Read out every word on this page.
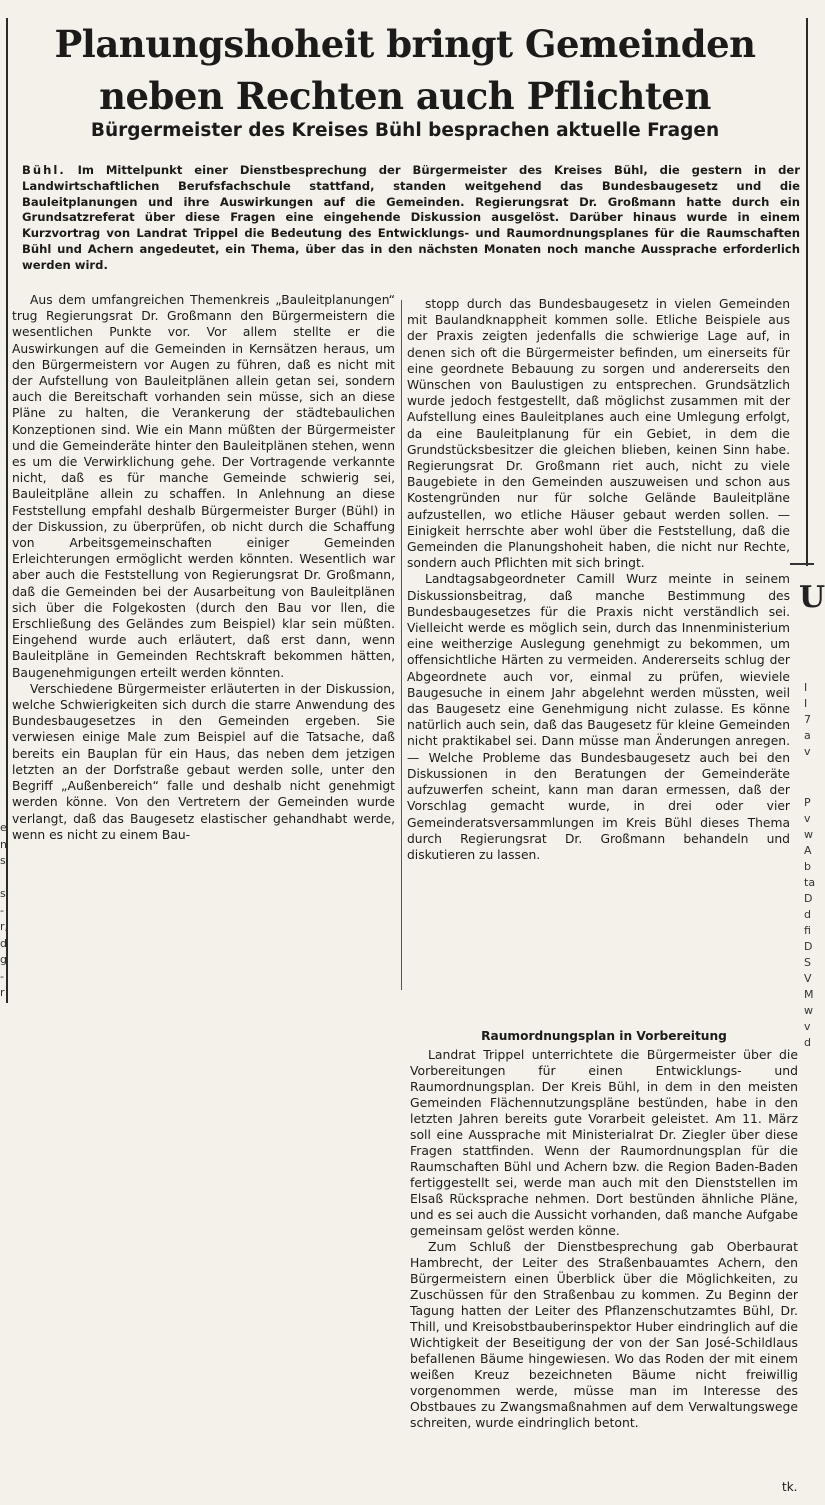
Planungshoheit bringt Gemeinden
neben Rechten auch Pflichten
Bürgermeister des Kreises Bühl besprachen aktuelle Fragen

Bühl. Im Mittelpunkt einer Dienstbesprechung der Bürgermeister des Kreises Bühl, die gestern in der Landwirtschaftlichen Berufsfachschule stattfand, standen weitgehend das Bundesbaugesetz und die Bauleitplanungen und ihre Auswirkungen auf die Gemeinden. Regierungsrat Dr. Großmann hatte durch ein Grundsatzreferat über diese Fragen eine eingehende Diskussion ausgelöst. Darüber hinaus wurde in einem Kurzvortrag von Landrat Trippel die Bedeutung des Entwicklungs- und Raumordnungsplanes für die Raumschaften Bühl und Achern angedeutet, ein Thema, über das in den nächsten Monaten noch manche Aussprache erforderlich werden wird.

Aus dem umfangreichen Themenkreis „Bauleitplanungen“ trug Regierungsrat Dr. Großmann den Bürgermeistern die wesentlichen Punkte vor. Vor allem stellte er die Auswirkungen auf die Gemeinden in Kernsätzen heraus, um den Bürgermeistern vor Augen zu führen, daß es nicht mit der Aufstellung von Bauleitplänen allein getan sei, sondern auch die Bereitschaft vorhanden sein müsse, sich an diese Pläne zu halten, die Verankerung der städtebaulichen Konzeptionen sind. Wie ein Mann müßten der Bürgermeister und die Gemeinderäte hinter den Bauleitplänen stehen, wenn es um die Verwirklichung gehe. Der Vortragende verkannte nicht, daß es für manche Gemeinde schwierig sei, Bauleitpläne allein zu schaffen. In Anlehnung an diese Feststellung empfahl deshalb Bürgermeister Burger (Bühl) in der Diskussion, zu überprüfen, ob nicht durch die Schaffung von Arbeitsgemeinschaften einiger Gemeinden Erleichterungen ermöglicht werden könnten. Wesentlich war aber auch die Feststellung von Regierungsrat Dr. Großmann, daß die Gemeinden bei der Ausarbeitung von Bauleitplänen sich über die Folgekosten (durch den Bau vor llen, die Erschließung des Geländes zum Beispiel) klar sein müßten. Eingehend wurde auch erläutert, daß erst dann, wenn Bauleitpläne in Gemeinden Rechtskraft bekommen hätten, Baugenehmigungen erteilt werden könnten.

Verschiedene Bürgermeister erläuterten in der Diskussion, welche Schwierigkeiten sich durch die starre Anwendung des Bundesbaugesetzes in den Gemeinden ergeben. Sie verwiesen einige Male zum Beispiel auf die Tatsache, daß bereits ein Bauplan für ein Haus, das neben dem jetzigen letzten an der Dorfstraße gebaut werden solle, unter den Begriff „Außenbereich“ falle und deshalb nicht genehmigt werden könne. Von den Vertretern der Gemeinden wurde verlangt, daß das Baugesetz elastischer gehandhabt werde, wenn es nicht zu einem Bau-

stopp durch das Bundesbaugesetz in vielen Gemeinden mit Baulandknappheit kommen solle. Etliche Beispiele aus der Praxis zeigten jedenfalls die schwierige Lage auf, in denen sich oft die Bürgermeister befinden, um einerseits für eine geordnete Bebauung zu sorgen und andererseits den Wünschen von Baulustigen zu entsprechen. Grundsätzlich wurde jedoch festgestellt, daß möglichst zusammen mit der Aufstellung eines Bauleitplanes auch eine Umlegung erfolgt, da eine Bauleitplanung für ein Gebiet, in dem die Grundstücksbesitzer die gleichen blieben, keinen Sinn habe. Regierungsrat Dr. Großmann riet auch, nicht zu viele Baugebiete in den Gemeinden auszuweisen und schon aus Kostengründen nur für solche Gelände Bauleitpläne aufzustellen, wo etliche Häuser gebaut werden sollen. — Einigkeit herrschte aber wohl über die Feststellung, daß die Gemeinden die Planungshoheit haben, die nicht nur Rechte, sondern auch Pflichten mit sich bringt.

Landtagsabgeordneter Camill Wurz meinte in seinem Diskussionsbeitrag, daß manche Bestimmung des Bundesbaugesetzes für die Praxis nicht verständlich sei. Vielleicht werde es möglich sein, durch das Innenministerium eine weitherzige Auslegung genehmigt zu bekommen, um offensichtliche Härten zu vermeiden. Andererseits schlug der Abgeordnete auch vor, einmal zu prüfen, wieviele Baugesuche in einem Jahr abgelehnt werden müssten, weil das Baugesetz eine Genehmigung nicht zulasse. Es könne natürlich auch sein, daß das Baugesetz für kleine Gemeinden nicht praktikabel sei. Dann müsse man Änderungen anregen. — Welche Probleme das Bundesbaugesetz auch bei den Diskussionen in den Beratungen der Gemeinderäte aufzuwerfen scheint, kann man daran ermessen, daß der Vorschlag gemacht wurde, in drei oder vier Gemeinderatsversammlungen im Kreis Bühl dieses Thema durch Regierungsrat Dr. Großmann behandeln und diskutieren zu lassen.

Raumordnungsplan in Vorbereitung

Landrat Trippel unterrichtete die Bürgermeister über die Vorbereitungen für einen Entwicklungs- und Raumordnungsplan. Der Kreis Bühl, in dem in den meisten Gemeinden Flächennutzungspläne bestünden, habe in den letzten Jahren bereits gute Vorarbeit geleistet. Am 11. März soll eine Aussprache mit Ministerialrat Dr. Ziegler über diese Fragen stattfinden. Wenn der Raumordnungsplan für die Raumschaften Bühl und Achern bzw. die Region Baden-Baden fertiggestellt sei, werde man auch mit den Dienststellen im Elsaß Rücksprache nehmen. Dort bestünden ähnliche Pläne, und es sei auch die Aussicht vorhanden, daß manche Aufgabe gemeinsam gelöst werden könne.

Zum Schluß der Dienstbesprechung gab Oberbaurat Hambrecht, der Leiter des Straßenbauamtes Achern, den Bürgermeistern einen Überblick über die Möglichkeiten, zu Zuschüssen für den Straßenbau zu kommen. Zu Beginn der Tagung hatten der Leiter des Pflanzenschutzamtes Bühl, Dr. Thill, und Kreisobstbauberinspektor Huber eindringlich auf die Wichtigkeit der Beseitigung der von der San José-Schildlaus befallenen Bäume hingewiesen. Wo das Roden der mit einem weißen Kreuz bezeichneten Bäume nicht freiwillig vorgenommen werde, müsse man im Interesse des Obstbaues zu Zwangsmaßnahmen auf dem Verwaltungswege schreiten, wurde eindringlich betont.

tk.
e
n
s

s
-
r,
d
g
-
r
U
I
I
7
a
v
P
v
w
A
b
ta
D
d
fi
D
S
V
M
w
v
d
